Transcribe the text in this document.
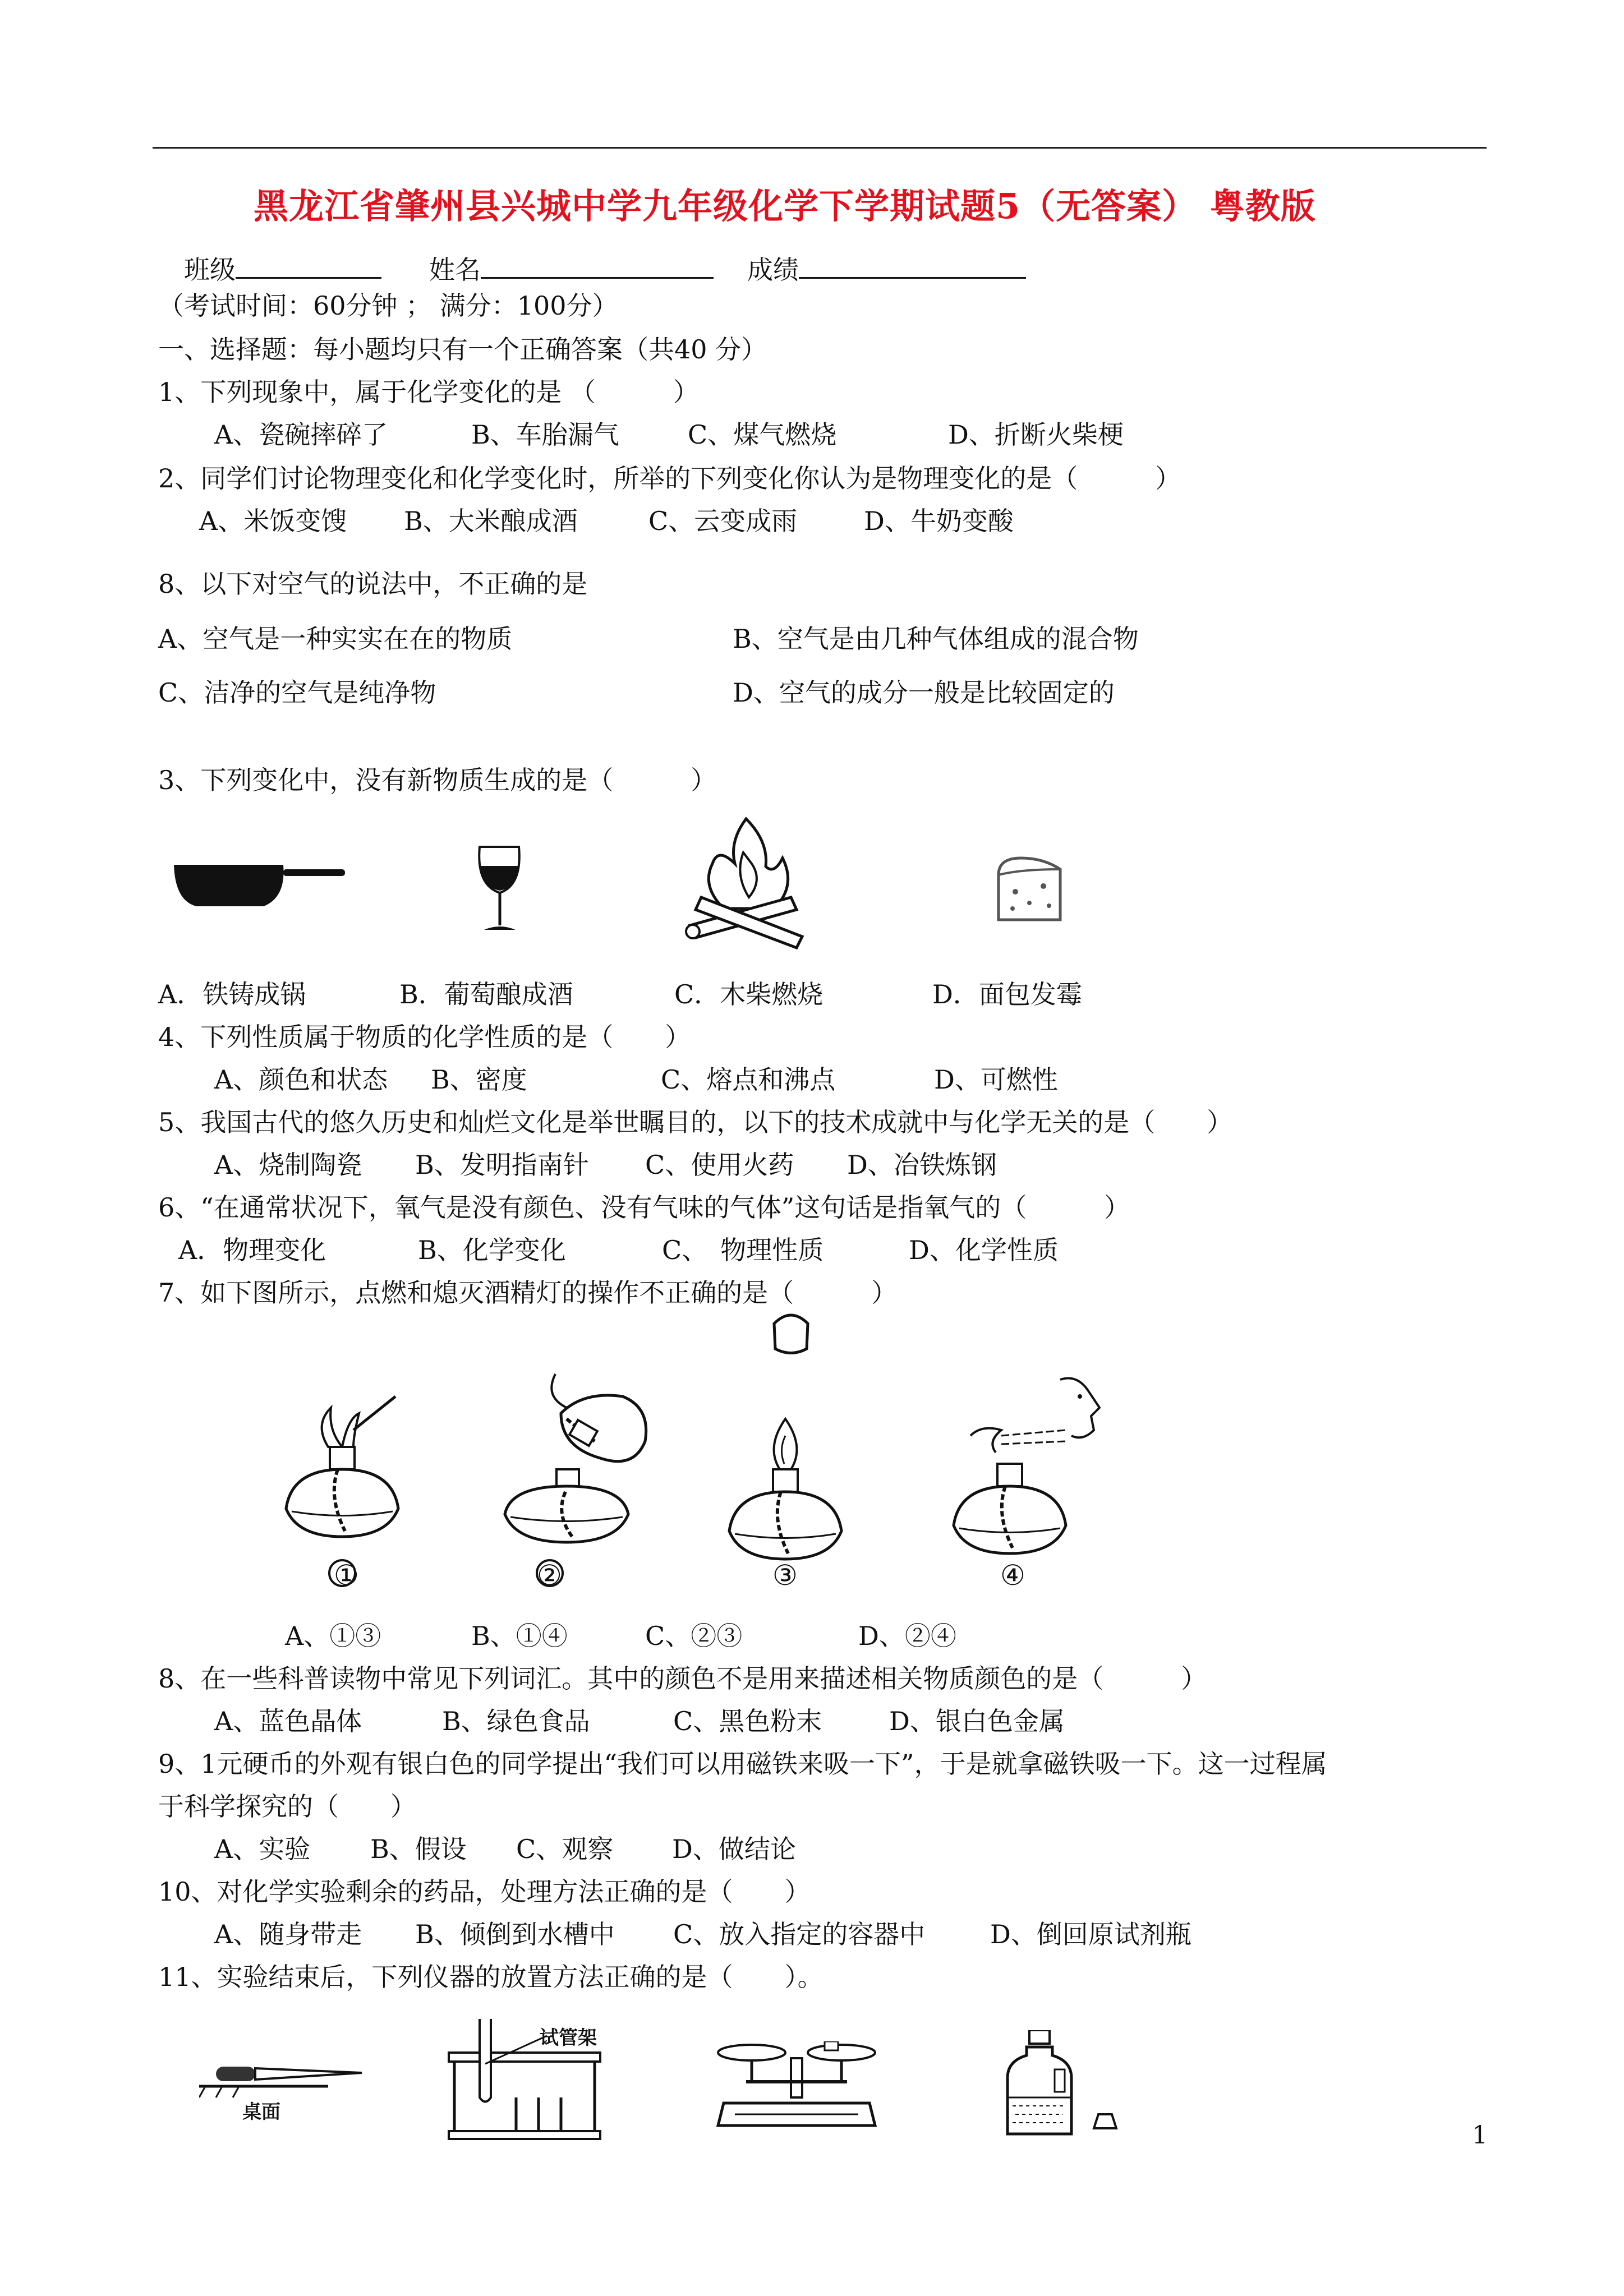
黑龙江省肇州县兴城中学九年级化学下学期试题5（无答案） 粤教版
班级	姓名	成绩
（考试时间：60分钟 ； 满分：100分）
一、选择题：每小题均只有一个正确答案（共40 分）
1、下列现象中，属于化学变化的是 （　　　）
A、瓷碗摔碎了	B、车胎漏气	C、煤气燃烧	D、折断火柴梗
2、同学们讨论物理变化和化学变化时，所举的下列变化你认为是物理变化的是（　　　）
A、米饭变馊 B、大米酿成酒	C、云变成雨	D、牛奶变酸
8、以下对空气的说法中，不正确的是
A、空气是一种实实在在的物质	B、空气是由几种气体组成的混合物
C、洁净的空气是纯净物	D、空气的成分一般是比较固定的
3、下列变化中，没有新物质生成的是（　　　）
A．铁铸成锅	B．葡萄酿成酒	C．木柴燃烧	D．面包发霉
4、下列性质属于物质的化学性质的是（　　）
A、颜色和状态 B、密度	C、熔点和沸点	D、可燃性
5、我国古代的悠久历史和灿烂文化是举世瞩目的，以下的技术成就中与化学无关的是（　　）
A、烧制陶瓷 B、发明指南针 C、使用火药 D、冶铁炼钢
6、“在通常状况下，氧气是没有颜色、没有气味的气体”这句话是指氧气的（　　　）
A．物理变化	B、化学变化	C、　物理性质	D、化学性质
7、如下图所示，点燃和熄灭酒精灯的操作不正确的是（　　　）
①	②	③	④
A、①③	B、①④	C、②③	D、②④
8、在一些科普读物中常见下列词汇。其中的颜色不是用来描述相关物质颜色的是（　　　）
A、蓝色晶体	B、绿色食品	C、黑色粉末	D、银白色金属
9、1元硬币的外观有银白色的同学提出“我们可以用磁铁来吸一下”，于是就拿磁铁吸一下。这一过程属
于科学探究的（　　）
A、实验 B、假设 C、观察 D、做结论
10、对化学实验剩余的药品，处理方法正确的是（　　）
A、随身带走 B、倾倒到水槽中 C、放入指定的容器中	D、倒回原试剂瓶
11、实验结束后，下列仪器的放置方法正确的是（　　）。
桌面
试管架
1
